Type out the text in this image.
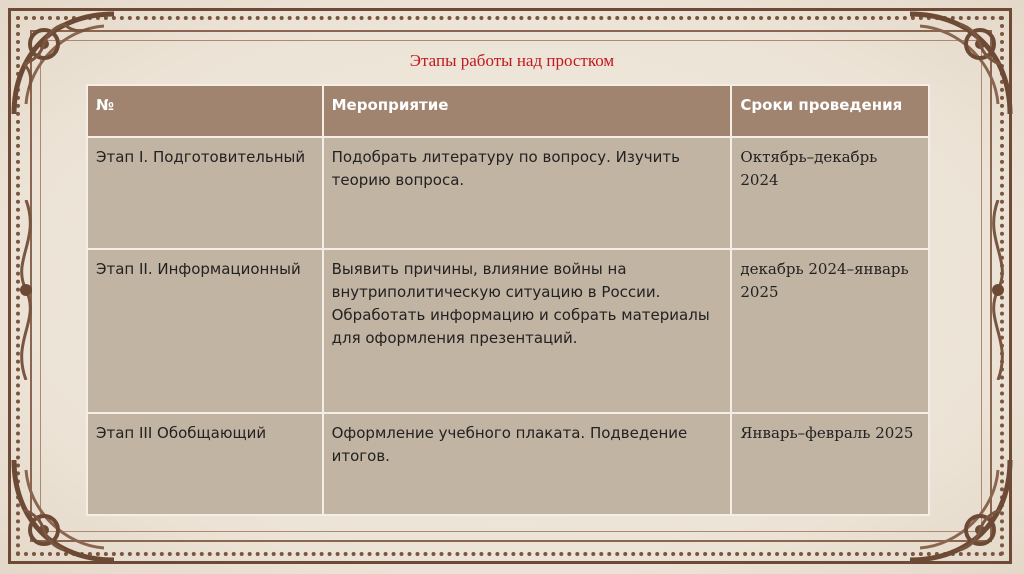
Этапы работы над простком
№	Мероприятие	Сроки проведения
Этап I. Подготовительный	Подобрать литературу по вопросу. Изучить теорию вопроса.	Октябрь–декабрь 2024
Этап II. Информационный	Выявить причины, влияние войны на внутриполитическую ситуацию в России. Обработать информацию и собрать материалы для оформления презентаций.	декабрь 2024–январь 2025
Этап III Обобщающий	Оформление учебного плаката. Подведение итогов.	Январь–февраль 2025
